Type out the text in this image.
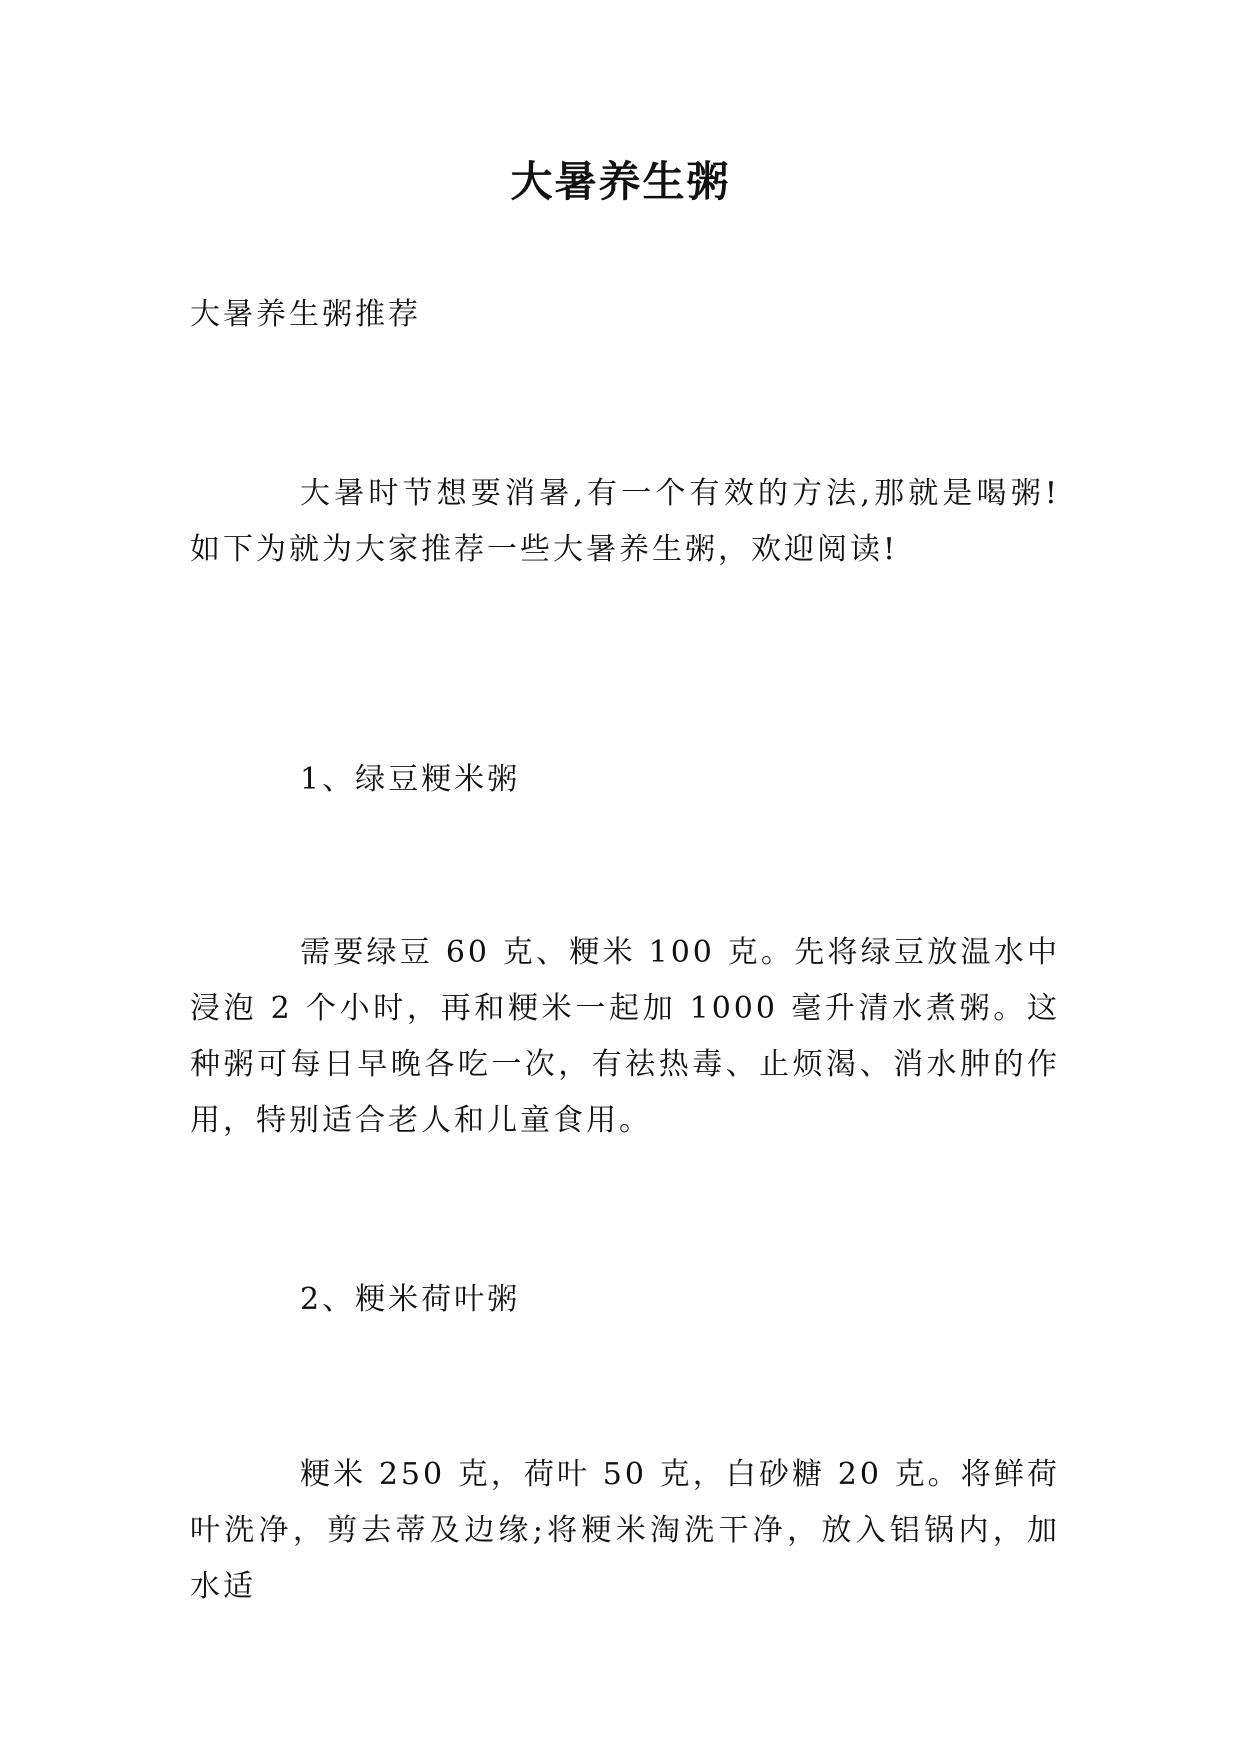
大暑养生粥

大暑养生粥推荐

大暑时节想要消暑,有一个有效的方法,那就是喝粥!如下为就为大家推荐一些大暑养生粥，欢迎阅读!

1、绿豆粳米粥

需要绿豆 60 克、粳米 100 克。先将绿豆放温水中浸泡 2 个小时，再和粳米一起加 1000 毫升清水煮粥。这种粥可每日早晚各吃一次，有祛热毒、止烦渴、消水肿的作用，特别适合老人和儿童食用。

2、粳米荷叶粥

粳米 250 克，荷叶 50 克，白砂糖 20 克。将鲜荷叶洗净，剪去蒂及边缘;将粳米淘洗干净，放入铝锅内，加水适
